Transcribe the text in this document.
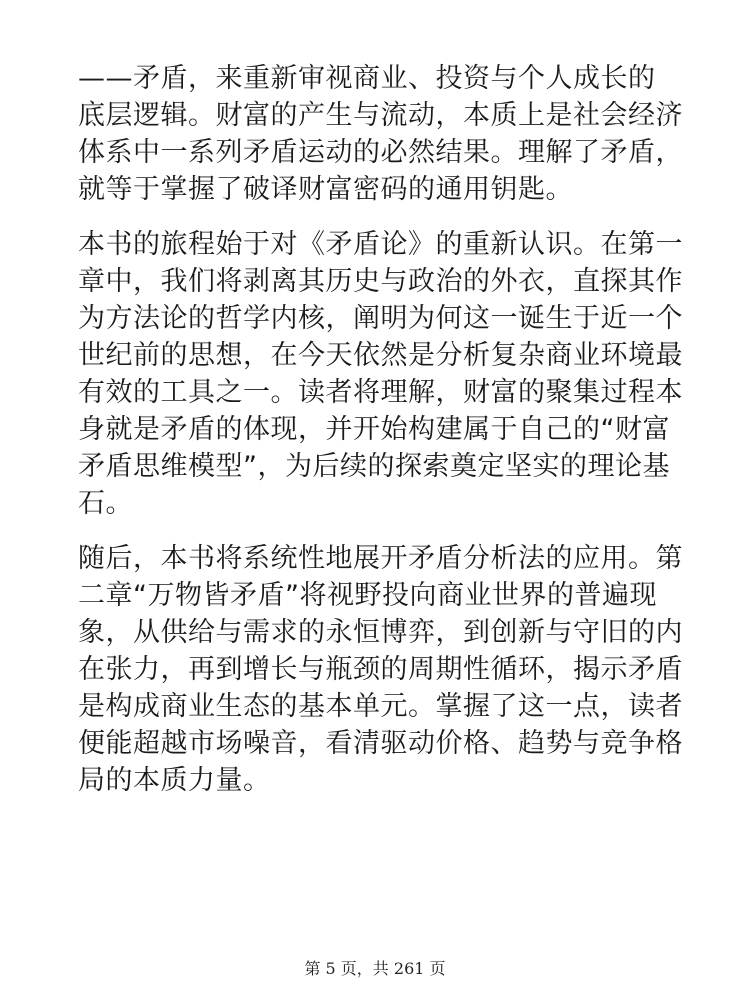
——矛盾，来重新审视商业、投资与个人成长的
底层逻辑。财富的产生与流动，本质上是社会经济
体系中一系列矛盾运动的必然结果。理解了矛盾，
就等于掌握了破译财富密码的通用钥匙。

本书的旅程始于对《矛盾论》的重新认识。在第一
章中，我们将剥离其历史与政治的外衣，直探其作
为方法论的哲学内核，阐明为何这一诞生于近一个
世纪前的思想，在今天依然是分析复杂商业环境最
有效的工具之一。读者将理解，财富的聚集过程本
身就是矛盾的体现，并开始构建属于自己的“财富
矛盾思维模型”，为后续的探索奠定坚实的理论基
石。

随后，本书将系统性地展开矛盾分析法的应用。第
二章“万物皆矛盾”将视野投向商业世界的普遍现
象，从供给与需求的永恒博弈，到创新与守旧的内
在张力，再到增长与瓶颈的周期性循环，揭示矛盾
是构成商业生态的基本单元。掌握了这一点，读者
便能超越市场噪音，看清驱动价格、趋势与竞争格
局的本质力量。

第 5 页，共 261 页
